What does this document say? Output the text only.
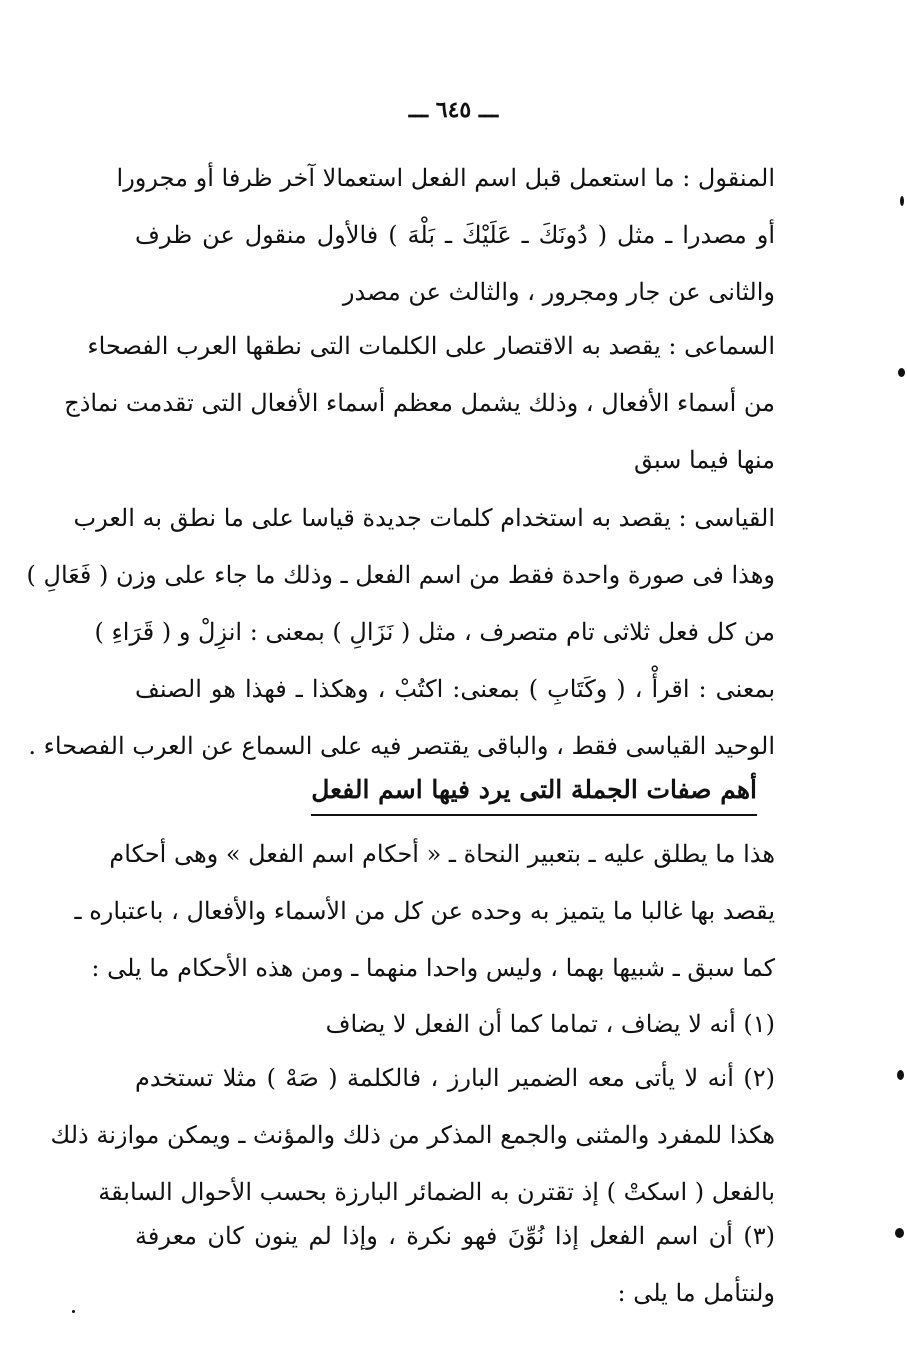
ـــ ٦٤٥ ـــ
المنقول : ما استعمل قبل اسم الفعل استعمالا آخر ظرفا أو مجرورا
أو مصدرا ـ مثل ( دُونَكَ ـ عَلَيْكَ ـ بَلْهَ ) فالأول منقول عن ظرف
والثانى عن جار ومجرور ، والثالث عن مصدر
السماعى : يقصد به الاقتصار على الكلمات التى نطقها العرب الفصحاء
من أسماء الأفعال ، وذلك يشمل معظم أسماء الأفعال التى تقدمت نماذج
منها فيما سبق
القياسى : يقصد به استخدام كلمات جديدة قياسا على ما نطق به العرب
وهذا فى صورة واحدة فقط من اسم الفعل ـ وذلك ما جاء على وزن ( فَعَالِ )
من كل فعل ثلاثى تام متصرف ، مثل ( نَزَالِ ) بمعنى : انزِلْ و ( قَرَاءِ )
بمعنى : اقرأْ ، ( وكَتَابِ ) بمعنى: اكتُبْ ، وهكذا ـ فهذا هو الصنف
الوحيد القياسى فقط ، والباقى يقتصر فيه على السماع عن العرب الفصحاء .
أهم صفات الجملة التى يرد فيها اسم الفعل
هذا ما يطلق عليه ـ بتعبير النحاة ـ « أحكام اسم الفعل » وهى أحكام
يقصد بها غالبا ما يتميز به وحده عن كل من الأسماء والأفعال ، باعتباره ـ
كما سبق ـ شبيها بهما ، وليس واحدا منهما ـ ومن هذه الأحكام ما يلى :
(١) أنه لا يضاف ، تماما كما أن الفعل لا يضاف
(٢) أنه لا يأتى معه الضمير البارز ، فالكلمة ( صَهْ ) مثلا تستخدم
هكذا للمفرد والمثنى والجمع المذكر من ذلك والمؤنث ـ ويمكن موازنة ذلك
بالفعل ( اسكتْ ) إذ تقترن به الضمائر البارزة بحسب الأحوال السابقة
(٣) أن اسم الفعل إذا نُوِّنَ فهو نكرة ، وإذا لم ينون كان معرفة
ولنتأمل ما يلى :
